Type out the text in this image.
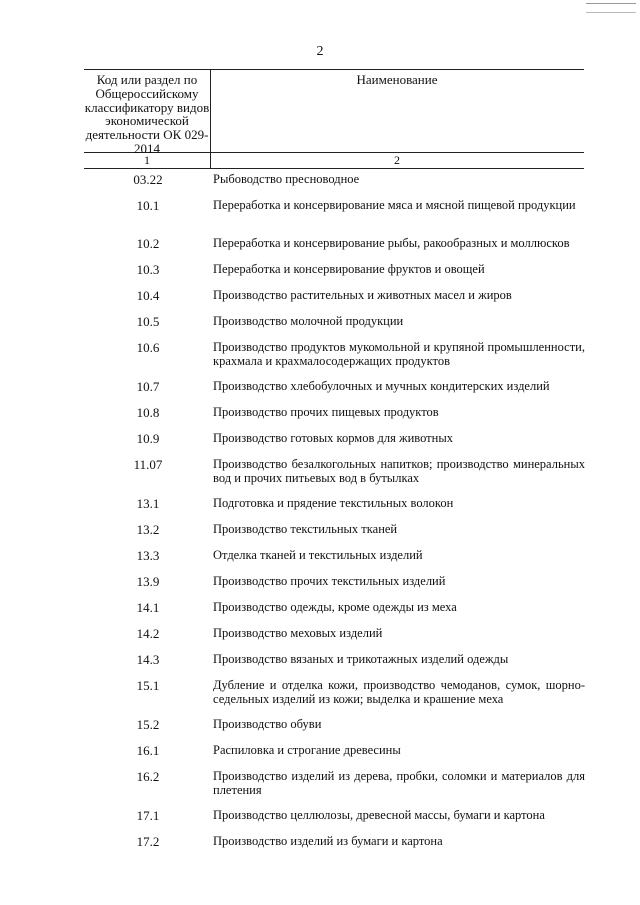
2
Код или раздел по Общероссийскому классификатору видов экономической деятельности ОК 029-2014
Наименование
1	2
03.22	Рыбоводство пресноводное
10.1	Переработка и консервирование мяса и мясной пищевой продукции
10.2	Переработка и консервирование рыбы, ракообразных и моллюсков
10.3	Переработка и консервирование фруктов и овощей
10.4	Производство растительных и животных масел и жиров
10.5	Производство молочной продукции
10.6	Производство продуктов мукомольной и крупяной промышленности, крахмала и крахмалосодержащих продуктов
10.7	Производство хлебобулочных и мучных кондитерских изделий
10.8	Производство прочих пищевых продуктов
10.9	Производство готовых кормов для животных
11.07	Производство безалкогольных напитков; производство минеральных вод и прочих питьевых вод в бутылках
13.1	Подготовка и прядение текстильных волокон
13.2	Производство текстильных тканей
13.3	Отделка тканей и текстильных изделий
13.9	Производство прочих текстильных изделий
14.1	Производство одежды, кроме одежды из меха
14.2	Производство меховых изделий
14.3	Производство вязаных и трикотажных изделий одежды
15.1	Дубление и отделка кожи, производство чемоданов, сумок, шорно-седельных изделий из кожи; выделка и крашение меха
15.2	Производство обуви
16.1	Распиловка и строгание древесины
16.2	Производство изделий из дерева, пробки, соломки и материалов для плетения
17.1	Производство целлюлозы, древесной массы, бумаги и картона
17.2	Производство изделий из бумаги и картона
